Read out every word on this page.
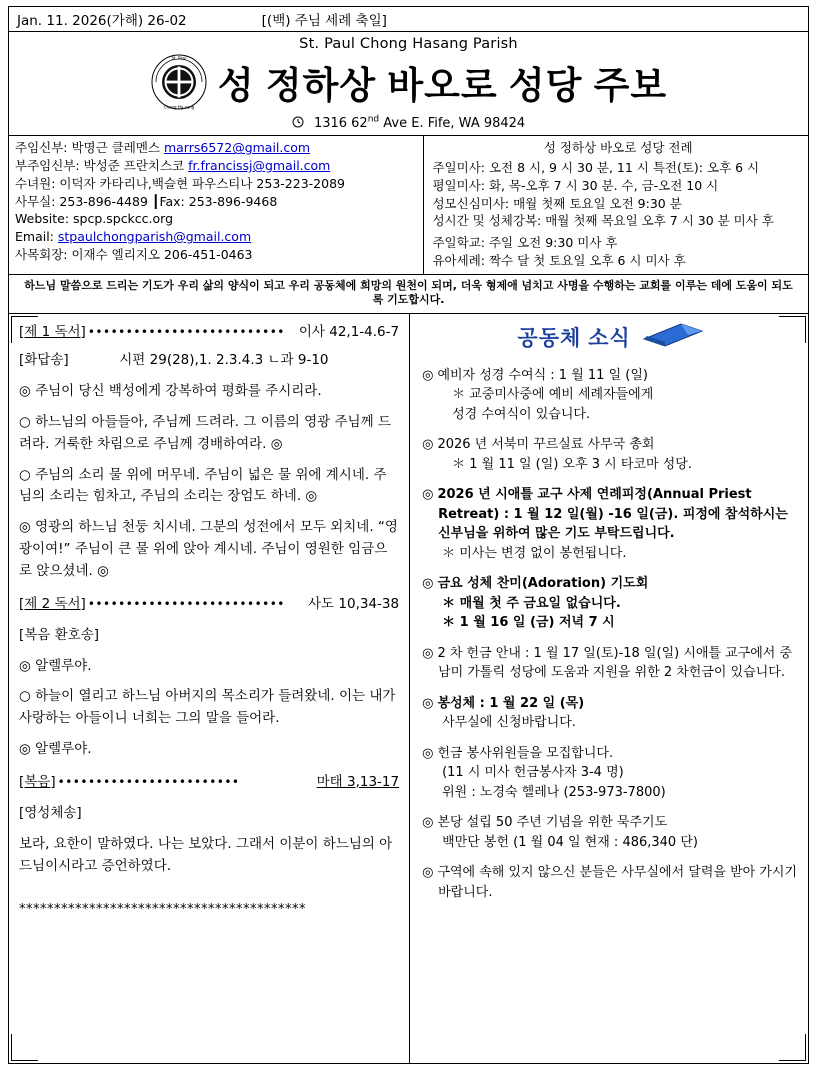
Jan. 11. 2026(가해) 26-02	[(백) 주님 세례 축일]
St. Paul Chong Hasang Parish
St. Paul
Chong Ha-sang
성 정하상 바오로 성당 주보
1316 62nd Ave E. Fife, WA 98424
주임신부: 박명근 클레멘스 marrs6572@gmail.com
부주임신부: 박성준 프란치스코 fr.francissj@gmail.com
수녀원: 이덕자 카타리나,백슬현 파우스티나 253-223-2089
사무실: 253-896-4489 ┃Fax: 253-896-9468
Website: spcp.spckcc.org
Email: stpaulchongparish@gmail.com
사목회장: 이재수 엘리지오 206-451-0463
성 정하상 바오로 성당 전례
주일미사: 오전 8 시, 9 시 30 분, 11 시 특전(토): 오후 6 시
평일미사: 화, 목-오후 7 시 30 분. 수, 금-오전 10 시
성모신심미사: 매월 첫째 토요일 오전 9:30 분
성시간 및 성체강복: 매월 첫째 목요일 오후 7 시 30 분 미사 후
주일학교: 주일 오전 9:30 미사 후
유아세례: 짝수 달 첫 토요일 오후 6 시 미사 후
하느님 말씀으로 드리는 기도가 우리 삶의 양식이 되고 우리 공동체에 희망의 원천이 되며, 더욱 형제애 넘치고 사명을 수행하는 교회를 이루는 데에 도움이 되도록 기도합시다.
[제 1 독서] ••••••••••••••••••••••••••	이사 42,1-4.6-7
[화답송]	시편 29(28),1. 2.3.4.3 ㄴ과 9-10

◎ 주님이 당신 백성에게 강복하여 평화를 주시리라.

○ 하느님의 아들들아, 주님께 드려라. 그 이름의 영광 주님께 드려라. 거룩한 차림으로 주님께 경배하여라. ◎

○ 주님의 소리 물 위에 머무네. 주님이 넓은 물 위에 계시네. 주님의 소리는 힘차고, 주님의 소리는 장엄도 하네. ◎

◎ 영광의 하느님 천둥 치시네. 그분의 성전에서 모두 외치네. “영광이여!” 주님이 큰 물 위에 앉아 계시네. 주님이 영원한 임금으로 앉으셨네. ◎

[제 2 독서] ••••••••••••••••••••••••••	사도 10,34-38

[복음 환호송]

◎ 알렐루야.

○ 하늘이 열리고 하느님 아버지의 목소리가 들려왔네. 이는 내가 사랑하는 아들이니 너희는 그의 말을 들어라.

◎ 알렐루야.

[복음] ••••••••••••••••••••••••	마태 3,13-17

[영성체송]

보라, 요한이 말하였다. 나는 보았다. 그래서 이분이 하느님의 아드님이시라고 증언하였다.

*****************************************
공동체 소식
◎ 예비자 성경 수여식 : 1 월 11 일 (일)
＊ 교중미사중에 예비 세례자들에게
성경 수여식이 있습니다.
◎ 2026 년 서북미 꾸르실료 사무국 총회
＊ 1 월 11 일 (일) 오후 3 시 타코마 성당.
◎ 2026 년 시애틀 교구 사제 연례피정(Annual Priest Retreat) : 1 월 12 일(월) -16 일(금). 피정에 참석하시는 신부님을 위하여 많은 기도 부탁드립니다.
＊ 미사는 변경 없이 봉헌됩니다.
◎ 금요 성체 찬미(Adoration) 기도회
＊ 매월 첫 주 금요일 없습니다.
＊ 1 월 16 일 (금) 저녁 7 시
◎ 2 차 헌금 안내 : 1 월 17 일(토)-18 일(일) 시애틀 교구에서 중남미 가톨릭 성당에 도움과 지원을 위한 2 차헌금이 있습니다.
◎ 봉성체 : 1 월 22 일 (목)
사무실에 신청바랍니다.
◎ 헌금 봉사위원들을 모집합니다.
(11 시 미사 헌금봉사자 3-4 명)
위원 : 노경숙 헬레나 (253-973-7800)
◎ 본당 설립 50 주년 기념을 위한 묵주기도
백만단 봉헌 (1 월 04 일 현재 : 486,340 단)
◎ 구역에 속해 있지 않으신 분들은 사무실에서 달력을 받아 가시기 바랍니다.
